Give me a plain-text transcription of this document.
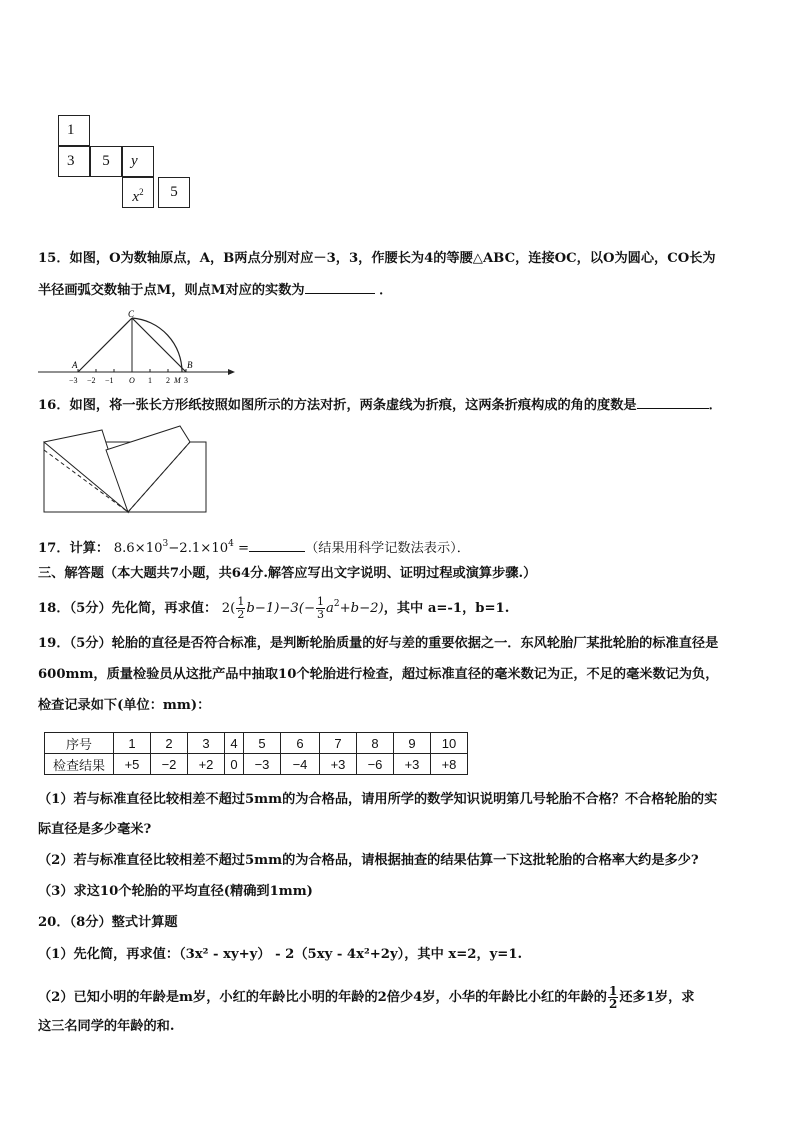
1
3	5	y
$x^2$	5
15．如图，O为数轴原点，A，B两点分别对应－3，3，作腰长为4的等腰△ABC，连接OC，以O为圆心，CO长为
半径画弧交数轴于点M，则点M对应的实数为	．
C
A	B
−3 −2 −1 O 1 2 M 3
16．如图，将一张长方形纸按照如图所示的方法对折，两条虚线为折痕，这两条折痕构成的角的度数是	．
17．计算： $8.6\times 10^3-2.1\times 10^4$ =	（结果用科学记数法表示）．
三、解答题（本大题共7小题，共64分.解答应写出文字说明、证明过程或演算步骤.）
18．（5分）先化简，再求值： $2( \frac{1}{2} b-1)-3(- \frac{1}{3} a^2+b-2)$，其中 a=-1，b=1.
19．（5分）轮胎的直径是否符合标准，是判断轮胎质量的好与差的重要依据之一．东风轮胎厂某批轮胎的标准直径是
600mm，质量检验员从这批产品中抽取10个轮胎进行检查，超过标准直径的毫米数记为正，不足的毫米数记为负，
检查记录如下(单位：mm)：
序号	1	2	3	4	5	6	7	8	9	10
检查结果	+5	−2	+2	0	−3	−4	+3	−6	+3	+8
（1）若与标准直径比较相差不超过5mm的为合格品，请用所学的数学知识说明第几号轮胎不合格？不合格轮胎的实
际直径是多少毫米?
（2）若与标准直径比较相差不超过5mm的为合格品，请根据抽查的结果估算一下这批轮胎的合格率大约是多少?
（3）求这10个轮胎的平均直径(精确到1mm)
20．（8分）整式计算题
（1）先化简，再求值：（3x² - xy+y） - 2（5xy - 4x²+2y），其中 x=2，y=1.
（2）已知小明的年龄是m岁，小红的年龄比小明的年龄的2倍少4岁，小华的年龄比小红的年龄的 $\frac{1}{2}$ 还多1岁，求
这三名同学的年龄的和.
